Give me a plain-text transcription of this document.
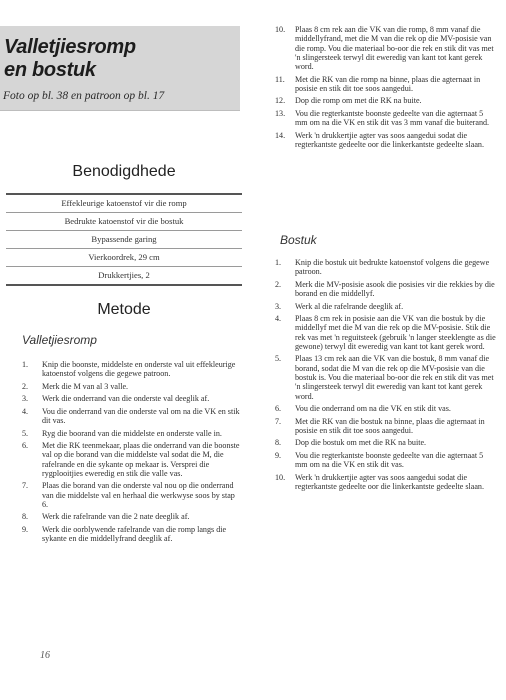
Valletjiesromp
en bostuk
Foto op bl. 38 en patroon op bl. 17
Benodigdhede
Effekleurige katoenstof vir die romp
Bedrukte katoenstof vir die bostuk
Bypassende garing
Vierkoordrek, 29 cm
Drukkertjies, 2
Metode
Valletjiesromp
1. Knip die boonste, middelste en onderste val uit effekleurige katoenstof volgens die gegewe patroon.
2. Merk die M van al 3 valle.
3. Werk die onderrand van die onderste val deeglik af.
4. Vou die onderrand van die onderste val om na die VK en stik dit vas.
5. Ryg die boorand van die middelste en onderste valle in.
6. Met die RK teenmekaar, plaas die onderrand van die boonste val op die borand van die middelste val sodat die M, die rafelrande en die sykante op mekaar is. Versprei die rygplooitjies eweredig en stik die valle vas.
7. Plaas die borand van die onderste val nou op die onderrand van die middelste val en herhaal die werkwyse soos by stap 6.
8. Werk die rafelrande van die 2 nate deeglik af.
9. Werk die oorblywende rafelrande van die romp langs die sykante en die middellyfrand deeglik af.
10. Plaas 8 cm rek aan die VK van die romp, 8 mm vanaf die middellyfrand, met die M van die rek op die MV-posisie van die romp. Vou die materiaal bo-oor die rek en stik dit vas met 'n slingersteek terwyl dit eweredig van kant tot kant gerek word.
11. Met die RK van die romp na binne, plaas die agternaat in posisie en stik dit toe soos aangedui.
12. Dop die romp om met die RK na buite.
13. Vou die regterkantste boonste gedeelte van die agternaat 5 mm om na die VK en stik dit vas 3 mm vanaf die buiterand.
14. Werk 'n drukkertjie agter vas soos aangedui sodat die regterkantste gedeelte oor die linkerkantste gedeelte slaan.
Bostuk
1. Knip die bostuk uit bedrukte katoenstof volgens die gegewe patroon.
2. Merk die MV-posisie asook die posisies vir die rekkies by die borand en die middellyf.
3. Werk al die rafelrande deeglik af.
4. Plaas 8 cm rek in posisie aan die VK van die bostuk by die middellyf met die M van die rek op die MV-posisie. Stik die rek vas met 'n reguitsteek (gebruik 'n langer steeklengte as die gewone) terwyl dit eweredig van kant tot kant gerek word.
5. Plaas 13 cm rek aan die VK van die bostuk, 8 mm vanaf die borand, sodat die M van die rek op die MV-posisie van die bostuk is. Vou die materiaal bo-oor die rek en stik dit vas met 'n slingersteek terwyl dit eweredig van kant tot kant gerek word.
6. Vou die onderrand om na die VK en stik dit vas.
7. Met die RK van die bostuk na binne, plaas die agternaat in posisie en stik dit toe soos aangedui.
8. Dop die bostuk om met die RK na buite.
9. Vou die regterkantste boonste gedeelte van die agternaat 5 mm om na die VK en stik dit vas.
10. Werk 'n drukkertjie agter vas soos aangedui sodat die regterkantste gedeelte oor die linkerkantste gedeelte slaan.
16
